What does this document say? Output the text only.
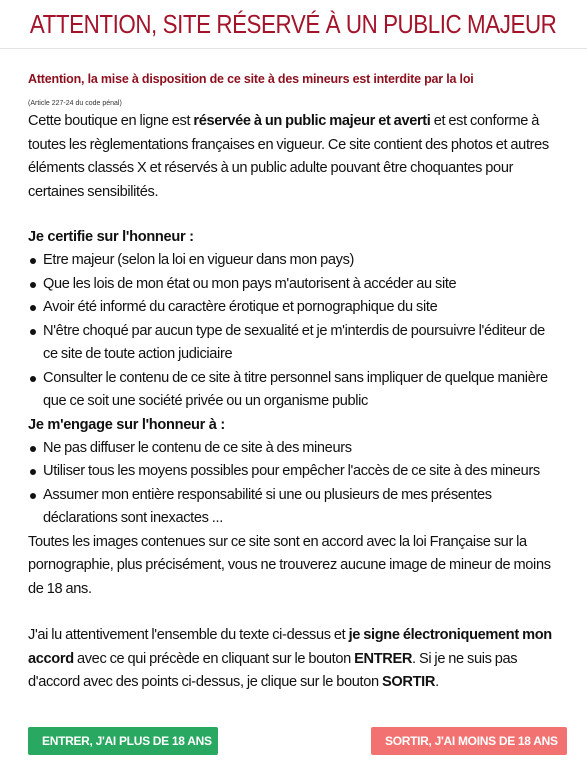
ATTENTION, SITE RÉSERVÉ À UN PUBLIC MAJEUR
Attention, la mise à disposition de ce site à des mineurs est interdite par la loi
(Article 227-24 du code pénal)
Cette boutique en ligne est réservée à un public majeur et averti et est conforme à toutes les règlementations françaises en vigueur. Ce site contient des photos et autres éléments classés X et réservés à un public adulte pouvant être choquantes pour certaines sensibilités.
Je certifie sur l'honneur :
Etre majeur (selon la loi en vigueur dans mon pays)
Que les lois de mon état ou mon pays m'autorisent à accéder au site
Avoir été informé du caractère érotique et pornographique du site
N'être choqué par aucun type de sexualité et je m'interdis de poursuivre l'éditeur de ce site de toute action judiciaire
Consulter le contenu de ce site à titre personnel sans impliquer de quelque manière que ce soit une société privée ou un organisme public
Je m'engage sur l'honneur à :
Ne pas diffuser le contenu de ce site à des mineurs
Utiliser tous les moyens possibles pour empêcher l'accès de ce site à des mineurs
Assumer mon entière responsabilité si une ou plusieurs de mes présentes déclarations sont inexactes ...
Toutes les images contenues sur ce site sont en accord avec la loi Française sur la pornographie, plus précisément, vous ne trouverez aucune image de mineur de moins de 18 ans.
J'ai lu attentivement l'ensemble du texte ci-dessus et je signe électroniquement mon accord avec ce qui précède en cliquant sur le bouton ENTRER. Si je ne suis pas d'accord avec des points ci-dessus, je clique sur le bouton SORTIR.
ENTRER, J'AI PLUS DE 18 ANS	SORTIR, J'AI MOINS DE 18 ANS
